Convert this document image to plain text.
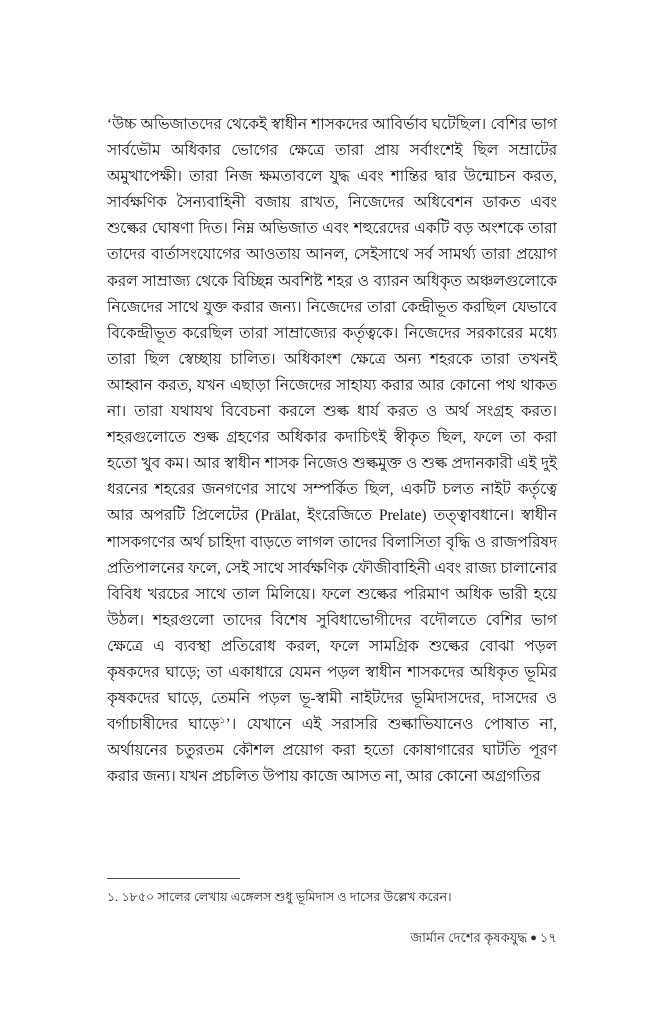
‘উচ্চ অভিজাতদের থেকেই স্বাধীন শাসকদের আবির্ভাব ঘটেছিল। বেশির ভাগ সার্বভৌম অধিকার ভোগের ক্ষেত্রে তারা প্রায় সর্বাংশেই ছিল সম্রাটের অমুখাপেক্ষী। তারা নিজ ক্ষমতাবলে যুদ্ধ এবং শান্তির দ্বার উন্মোচন করত, সার্বক্ষণিক সৈন্যবাহিনী বজায় রাখত, নিজেদের অধিবেশন ডাকত এবং শুল্কের ঘোষণা দিত। নিম্ন অভিজাত এবং শহুরেদের একটি বড় অংশকে তারা তাদের বার্তাসংযোগের আওতায় আনল, সেইসাথে সর্ব সামর্থ্য তারা প্রয়োগ করল সাম্রাজ্য থেকে বিচ্ছিন্ন অবশিষ্ট শহর ও ব্যারন অধিকৃত অঞ্চলগুলোকে নিজেদের সাথে যুক্ত করার জন্য। নিজেদের তারা কেন্দ্রীভূত করছিল যেভাবে বিকেন্দ্রীভূত করেছিল তারা সাম্রাজ্যের কর্তৃত্বকে। নিজেদের সরকারের মধ্যে তারা ছিল স্বেচ্ছায় চালিত। অধিকাংশ ক্ষেত্রে অন্য শহরকে তারা তখনই আহ্বান করত, যখন এছাড়া নিজেদের সাহায্য করার আর কোনো পথ থাকত না। তারা যথাযথ বিবেচনা করলে শুল্ক ধার্য করত ও অর্থ সংগ্রহ করত। শহরগুলোতে শুল্ক গ্রহণের অধিকার কদাচিৎই স্বীকৃত ছিল, ফলে তা করা হতো খুব কম। আর স্বাধীন শাসক নিজেও শুল্কমুক্ত ও শুল্ক প্রদানকারী এই দুই ধরনের শহরের জনগণের সাথে সম্পর্কিত ছিল, একটি চলত নাইট কর্তৃত্বে আর অপরটি প্রিলেটের (Prälat, ইংরেজিতে Prelate) তত্ত্বাবধানে। স্বাধীন শাসকগণের অর্থ চাহিদা বাড়তে লাগল তাদের বিলাসিতা বৃদ্ধি ও রাজপরিষদ প্রতিপালনের ফলে, সেই সাথে সার্বক্ষণিক ফৌজীবাহিনী এবং রাজ্য চালানোর বিবিধ খরচের সাথে তাল মিলিয়ে। ফলে শুল্কের পরিমাণ অধিক ভারী হয়ে উঠল। শহরগুলো তাদের বিশেষ সুবিধাভোগীদের বদৌলতে বেশির ভাগ ক্ষেত্রে এ ব্যবস্থা প্রতিরোধ করল, ফলে সামগ্রিক শুল্কের বোঝা পড়ল কৃষকদের ঘাড়ে; তা একাধারে যেমন পড়ল স্বাধীন শাসকদের অধিকৃত ভূমির কৃষকদের ঘাড়ে, তেমনি পড়ল ভূ-স্বামী নাইটদের ভূমিদাসদের, দাসদের ও বর্গাচাষীদের ঘাড়ে$^১$’। যেখানে এই সরাসরি শুল্কাভিযানেও পোষাত না, অর্থায়নের চতুরতম কৌশল প্রয়োগ করা হতো কোষাগারের ঘাটতি পূরণ করার জন্য। যখন প্রচলিত উপায় কাজে আসত না, আর কোনো অগ্রগতির

১. ১৮৫০ সালের লেখায় এঙ্গেলস শুধু ভূমিদাস ও দাসের উল্লেখ করেন।

জার্মান দেশের কৃষকযুদ্ধ ● ১৭
